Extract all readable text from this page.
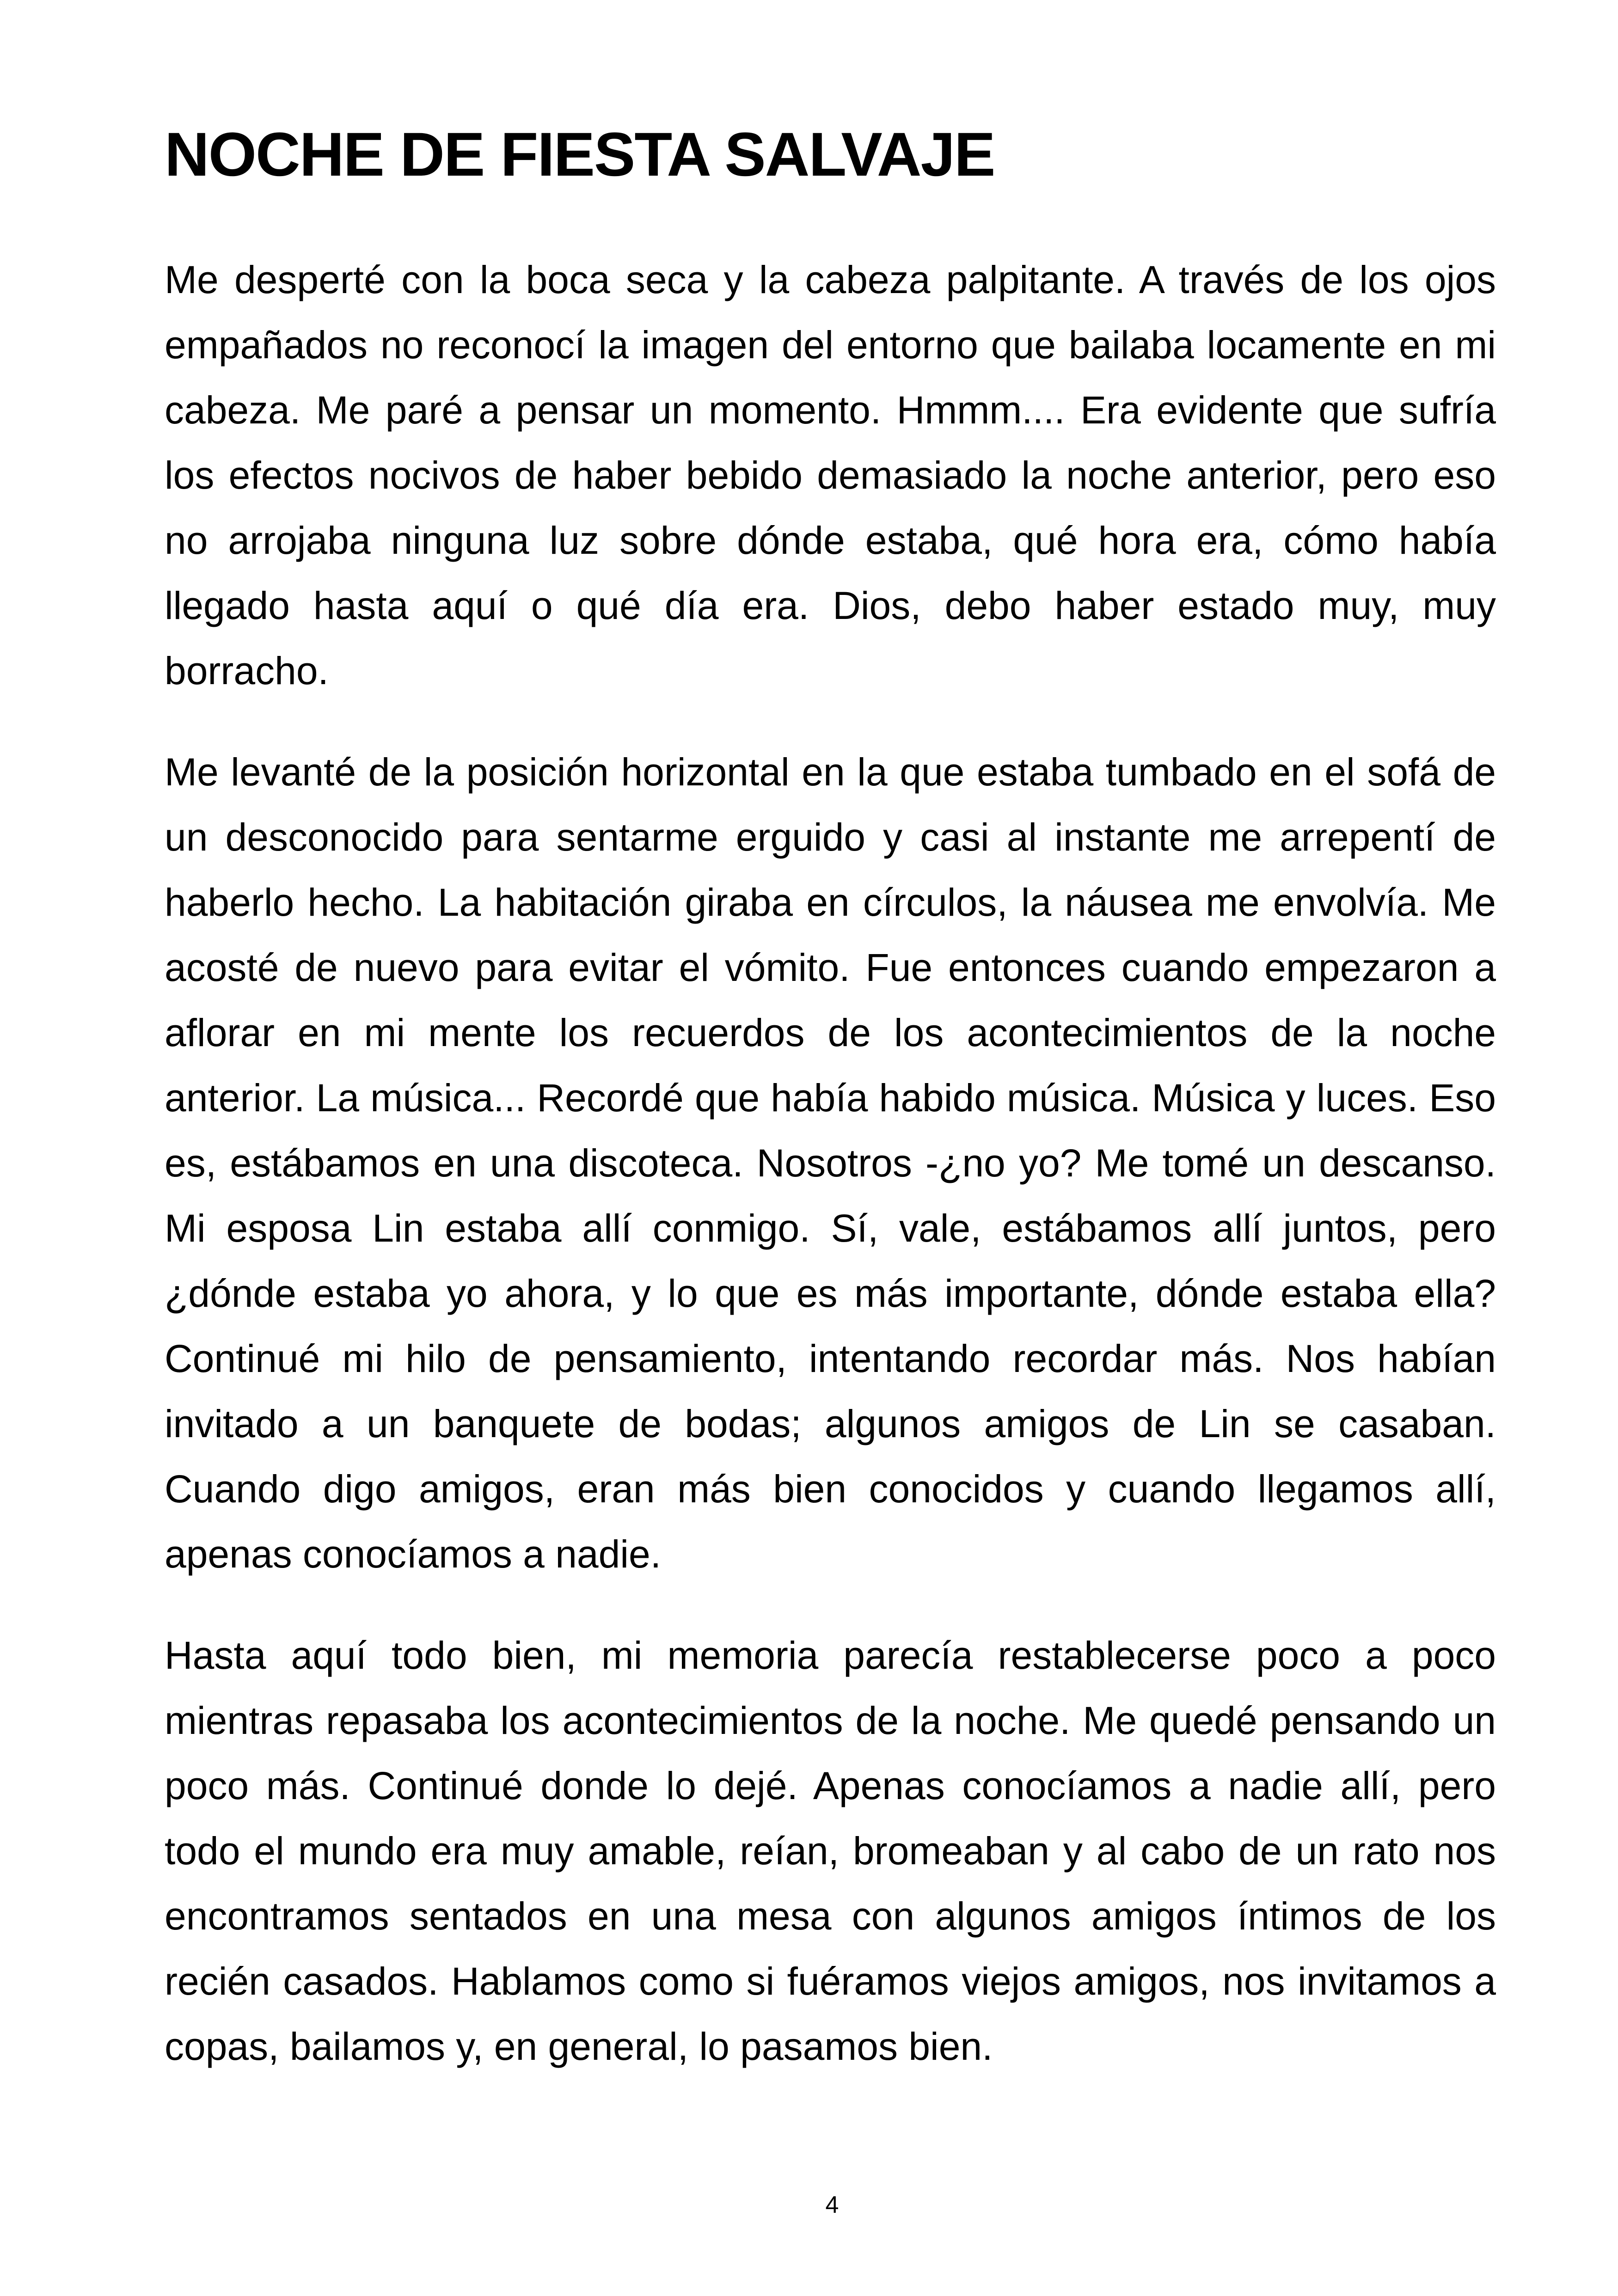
NOCHE DE FIESTA SALVAJE

Me desperté con la boca seca y la cabeza palpitante. A través de los ojos empañados no reconocí la imagen del entorno que bailaba locamente en mi cabeza. Me paré a pensar un momento. Hmmm.... Era evidente que sufría los efectos nocivos de haber bebido demasiado la noche anterior, pero eso no arrojaba ninguna luz sobre dónde estaba, qué hora era, cómo había llegado hasta aquí o qué día era. Dios, debo haber estado muy, muy borracho.

Me levanté de la posición horizontal en la que estaba tumbado en el sofá de un desconocido para sentarme erguido y casi al instante me arrepentí de haberlo hecho. La habitación giraba en círculos, la náusea me envolvía. Me acosté de nuevo para evitar el vómito. Fue entonces cuando empezaron a aflorar en mi mente los recuerdos de los acontecimientos de la noche anterior. La música... Recordé que había habido música. Música y luces. Eso es, estábamos en una discoteca. Nosotros -¿no yo? Me tomé un descanso. Mi esposa Lin estaba allí conmigo. Sí, vale, estábamos allí juntos, pero ¿dónde estaba yo ahora, y lo que es más importante, dónde estaba ella? Continué mi hilo de pensamiento, intentando recordar más. Nos habían invitado a un banquete de bodas; algunos amigos de Lin se casaban. Cuando digo amigos, eran más bien conocidos y cuando llegamos allí, apenas conocíamos a nadie.

Hasta aquí todo bien, mi memoria parecía restablecerse poco a poco mientras repasaba los acontecimientos de la noche. Me quedé pensando un poco más. Continué donde lo dejé. Apenas conocíamos a nadie allí, pero todo el mundo era muy amable, reían, bromeaban y al cabo de un rato nos encontramos sentados en una mesa con algunos amigos íntimos de los recién casados. Hablamos como si fuéramos viejos amigos, nos invitamos a copas, bailamos y, en general, lo pasamos bien.

4
